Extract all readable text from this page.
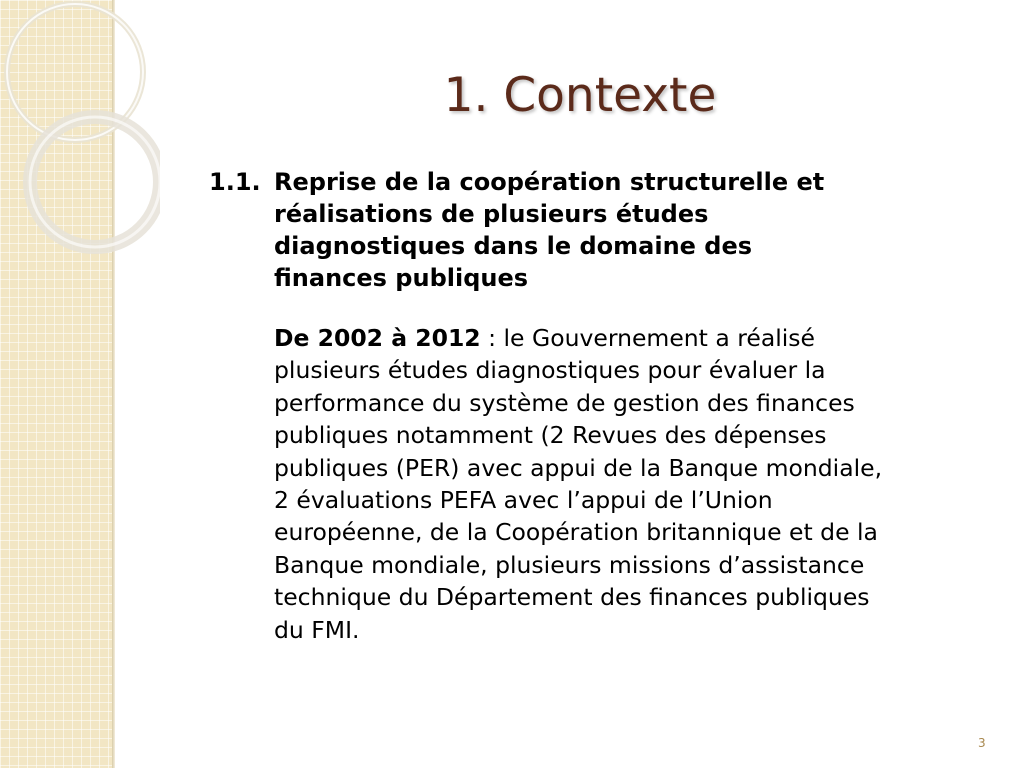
1. Contexte
1.1. Reprise de la coopération structurelle et
réalisations de plusieurs études
diagnostiques dans le domaine des
finances publiques
De 2002 à 2012 : le Gouvernement a réalisé
plusieurs études diagnostiques pour évaluer la
performance du système de gestion des finances
publiques notamment (2 Revues des dépenses
publiques (PER) avec appui de la Banque mondiale,
2 évaluations PEFA avec l’appui de l’Union
européenne, de la Coopération britannique et de la
Banque mondiale, plusieurs missions d’assistance
technique du Département des finances publiques
du FMI.
3
